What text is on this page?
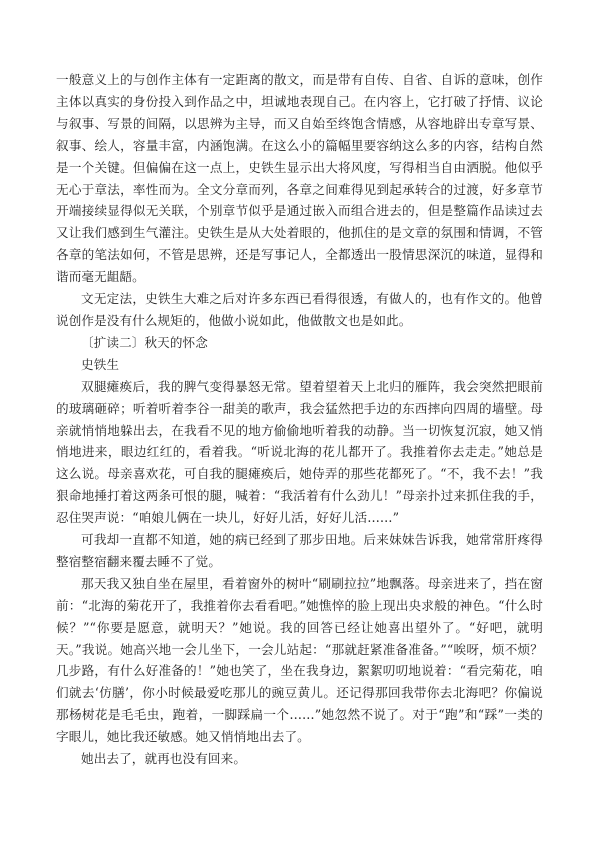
一般意义上的与创作主体有一定距离的散文，而是带有自传、自省、自诉的意味，创作主体以真实的身份投入到作品之中，坦诚地表现自己。在内容上，它打破了抒情、议论与叙事、写景的间隔，以思辨为主导，而又自始至终饱含情感，从容地辟出专章写景、叙事、绘人，容量丰富，内涵饱满。在这么小的篇幅里要容纳这么多的内容，结构自然是一个关键。但偏偏在这一点上，史铁生显示出大将风度，写得相当自由洒脱。他似乎无心于章法，率性而为。全文分章而列，各章之间难得见到起承转合的过渡，好多章节开端接续显得似无关联，个别章节似乎是通过嵌入而组合进去的，但是整篇作品读过去又让我们感到生气灌注。史铁生是从大处着眼的，他抓住的是文章的氛围和情调，不管各章的笔法如何，不管是思辨，还是写事记人，全都透出一股情思深沉的味道，显得和谐而毫无龃龉。

文无定法，史铁生大难之后对许多东西已看得很透，有做人的，也有作文的。他曾说创作是没有什么规矩的，他做小说如此，他做散文也是如此。

〔扩读二〕秋天的怀念

史铁生

双腿瘫痪后，我的脾气变得暴怒无常。望着望着天上北归的雁阵，我会突然把眼前的玻璃砸碎；听着听着李谷一甜美的歌声，我会猛然把手边的东西摔向四周的墙壁。母亲就悄悄地躲出去，在我看不见的地方偷偷地听着我的动静。当一切恢复沉寂，她又悄悄地进来，眼边红红的，看着我。“听说北海的花儿都开了。我推着你去走走。”她总是这么说。母亲喜欢花，可自我的腿瘫痪后，她侍弄的那些花都死了。“不，我不去！”我狠命地捶打着这两条可恨的腿，喊着：“我活着有什么劲儿！”母亲扑过来抓住我的手，忍住哭声说：“咱娘儿俩在一块儿，好好儿活，好好儿活……”

可我却一直都不知道，她的病已经到了那步田地。后来妹妹告诉我，她常常肝疼得整宿整宿翻来覆去睡不了觉。

那天我又独自坐在屋里，看着窗外的树叶“刷刷拉拉”地飘落。母亲进来了，挡在窗前：“北海的菊花开了，我推着你去看看吧。”她憔悴的脸上现出央求般的神色。“什么时候？”“你要是愿意，就明天？”她说。我的回答已经让她喜出望外了。“好吧，就明天。”我说。她高兴地一会儿坐下，一会儿站起：“那就赶紧准备准备。”“唉呀，烦不烦？几步路，有什么好准备的！”她也笑了，坐在我身边，絮絮叨叨地说着：“看完菊花，咱们就去‘仿膳’，你小时候最爱吃那儿的豌豆黄儿。还记得那回我带你去北海吧？你偏说那杨树花是毛毛虫，跑着，一脚踩扁一个……”她忽然不说了。对于“跑”和“踩”一类的字眼儿，她比我还敏感。她又悄悄地出去了。

她出去了，就再也没有回来。
